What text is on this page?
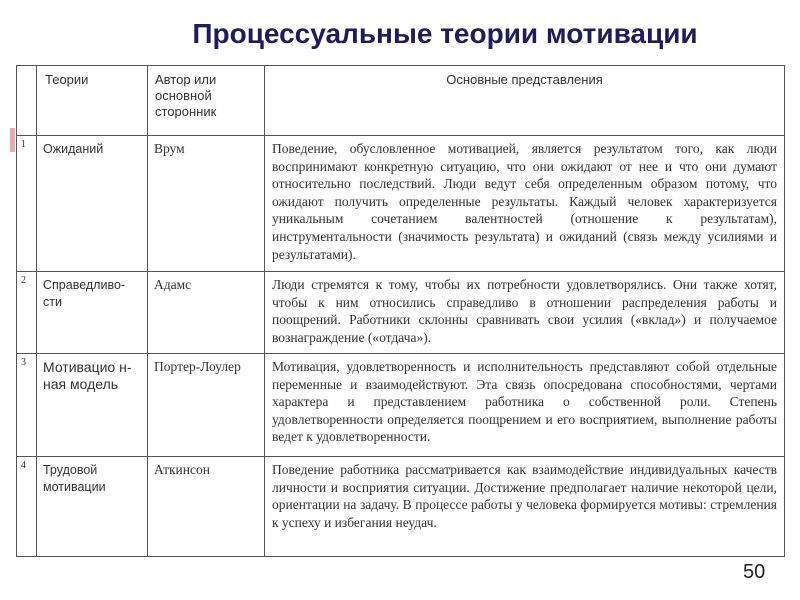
Процессуальные теории мотивации
	Теории	Автор или основной сторонник	Основные представления
1	Ожиданий	Врум	Поведение, обусловленное мотивацией, является результатом того, как люди воспринимают конкретную ситуацию, что они ожидают от нее и что они думают относительно последствий. Люди ведут себя определенным образом потому, что ожидают получить определенные результаты. Каждый человек характеризуется уникальным сочетанием валентностей (отношение к результатам), инструментальности (значимость результата) и ожиданий (связь между усилиями и результатами).
2	Справедливо-сти	Адамс	Люди стремятся к тому, чтобы их потребности удовлетворялись. Они также хотят, чтобы к ним относились справедливо в отношении распределения работы и поощрений. Работники склонны сравнивать свои усилия («вклад») и получаемое вознаграждение («отдача»).
3	Мотивацио н-ная модель	Портер-Лоулер	Мотивация, удовлетворенность и исполнительность представляют собой отдельные переменные и взаимодействуют. Эта связь опосредована способностями, чертами характера и представлением работника о собственной роли. Степень удовлетворенности определяется поощрением и его восприятием, выполнение работы ведет к удовлетворенности.
4	Трудовой мотивации	Аткинсон	Поведение работника рассматривается как взаимодействие индивидуальных качеств личности и восприятия ситуации. Достижение предполагает наличие некоторой цели, ориентации на задачу. В процессе работы у человека формируется мотивы: стремления к успеху и избегания неудач.
50
